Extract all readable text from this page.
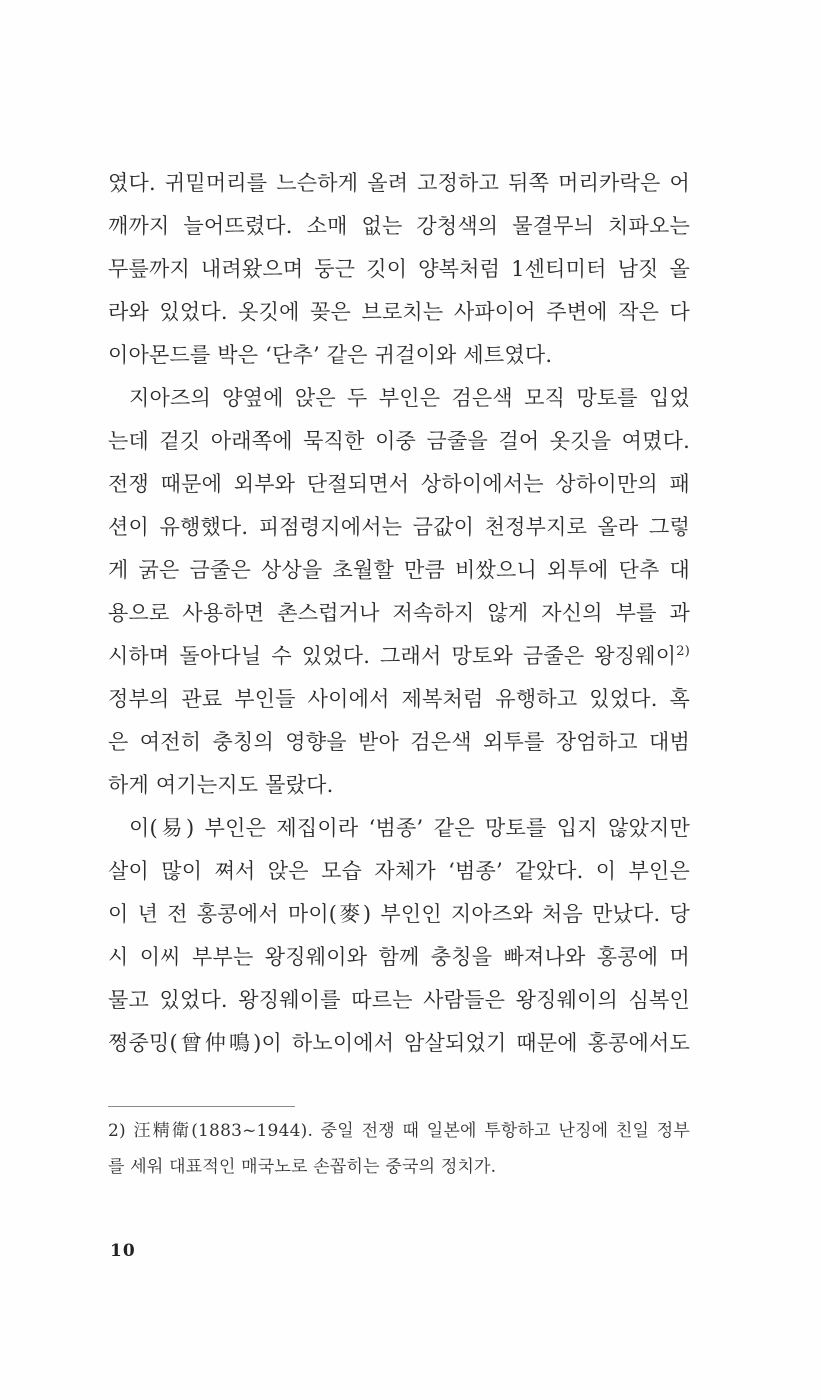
였다. 귀밑머리를 느슨하게 올려 고정하고 뒤쪽 머리카락은 어
깨까지 늘어뜨렸다. 소매 없는 강청색의 물결무늬 치파오는
무릎까지 내려왔으며 둥근 깃이 양복처럼 1센티미터 남짓 올
라와 있었다. 옷깃에 꽂은 브로치는 사파이어 주변에 작은 다
이아몬드를 박은 ‘단추’ 같은 귀걸이와 세트였다.
지아즈의 양옆에 앉은 두 부인은 검은색 모직 망토를 입었
는데 겉깃 아래쪽에 묵직한 이중 금줄을 걸어 옷깃을 여몄다.
전쟁 때문에 외부와 단절되면서 상하이에서는 상하이만의 패
션이 유행했다. 피점령지에서는 금값이 천정부지로 올라 그렇
게 굵은 금줄은 상상을 초월할 만큼 비쌌으니 외투에 단추 대
용으로 사용하면 촌스럽거나 저속하지 않게 자신의 부를 과
시하며 돌아다닐 수 있었다. 그래서 망토와 금줄은 왕징웨이$^{2)}$
정부의 관료 부인들 사이에서 제복처럼 유행하고 있었다. 혹
은 여전히 충칭의 영향을 받아 검은색 외투를 장엄하고 대범
하게 여기는지도 몰랐다.
이(易) 부인은 제집이라 ‘범종’ 같은 망토를 입지 않았지만
살이 많이 쪄서 앉은 모습 자체가 ‘범종’ 같았다. 이 부인은
이 년 전 홍콩에서 마이(麥) 부인인 지아즈와 처음 만났다. 당
시 이씨 부부는 왕징웨이와 함께 충칭을 빠져나와 홍콩에 머
물고 있었다. 왕징웨이를 따르는 사람들은 왕징웨이의 심복인
쩡중밍(曾仲鳴)이 하노이에서 암살되었기 때문에 홍콩에서도
2) 汪精衛(1883~1944). 중일 전쟁 때 일본에 투항하고 난징에 친일 정부
를 세워 대표적인 매국노로 손꼽히는 중국의 정치가.
10
